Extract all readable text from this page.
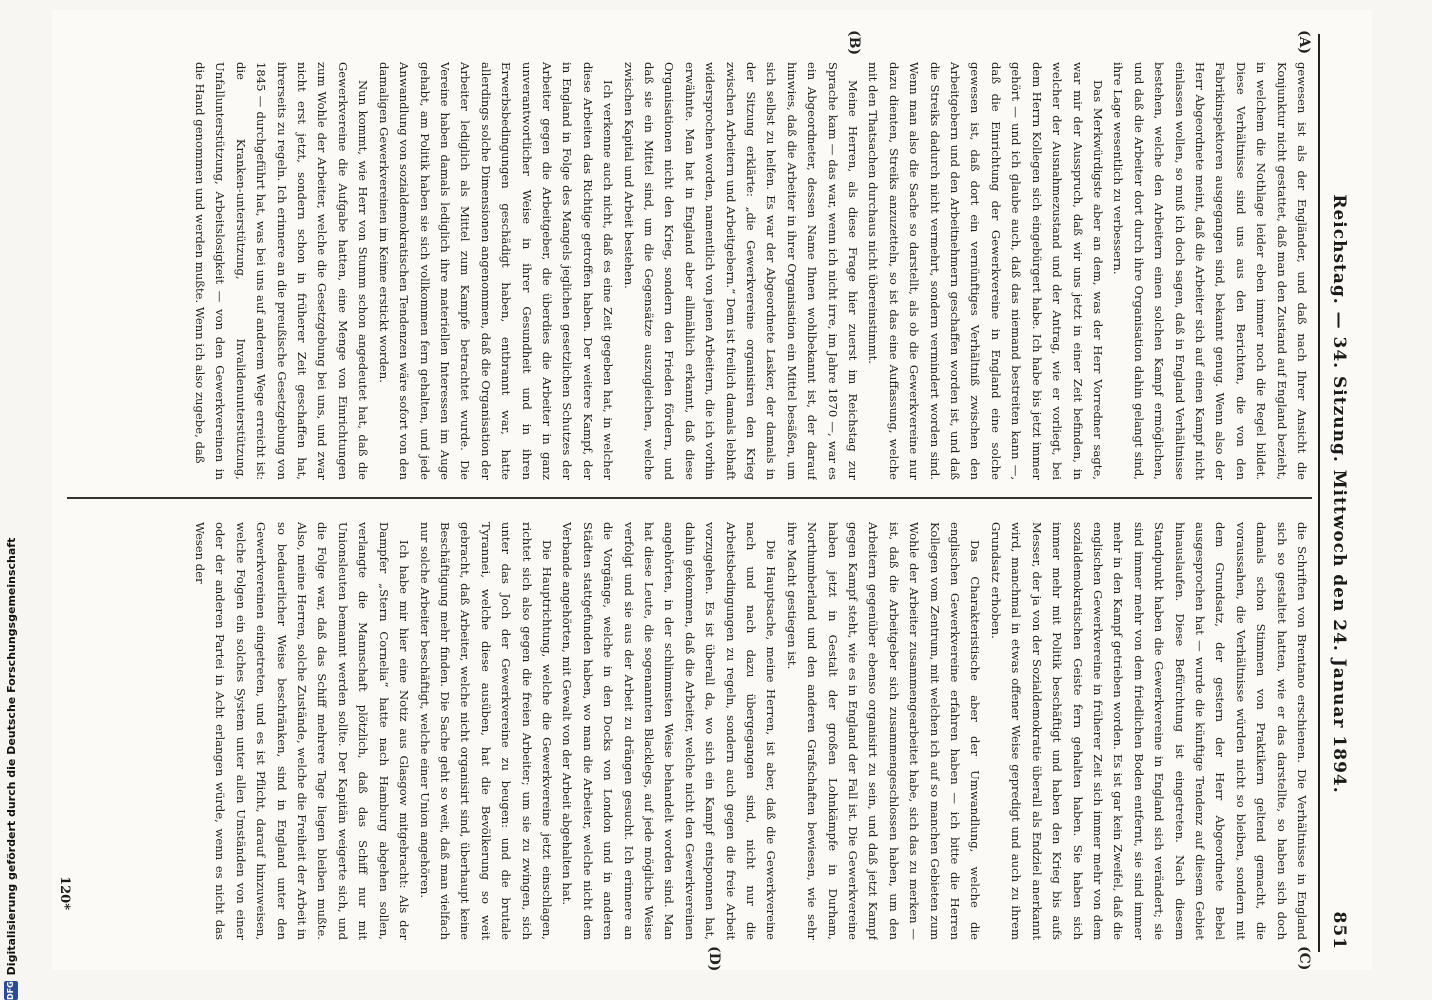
Reichstag. — 34. Sitzung. Mittwoch den 24. Januar 1894.
851
(A)
(B)
(C)
(D)

gewesen ist als der Engländer, und daß nach Ihrer Ansicht die Konjunktur nicht gestattet, daß man den Zustand auf England bezieht, in welchem die Nothlage leider eben immer noch die Regel bildet. Diese Verhältnisse sind uns aus den Berichten, die von den Fabrikinspektoren ausgegangen sind, bekannt genug. Wenn also der Herr Abgeordnete meint, daß die Arbeiter sich auf einen Kampf nicht einlassen wollen, so muß ich doch sagen, daß in England Verhältnisse bestehen, welche den Arbeitern einen solchen Kampf ermöglichen, und daß die Arbeiter dort durch ihre Organisation dahin gelangt sind, ihre Lage wesentlich zu verbessern.

Das Merkwürdigste aber an dem, was der Herr Vorredner sagte, war mir der Ausspruch, daß wir uns jetzt in einer Zeit befinden, in welcher der Ausnahmezustand und der Antrag, wie er vorliegt, bei dem Herrn Kollegen sich eingebürgert habe. Ich habe bis jetzt immer gehört — und ich glaube auch, daß das niemand bestreiten kann —, daß die Einrichtung der Gewerkvereine in England eine solche gewesen ist, daß dort ein vernünftiges Verhältniß zwischen den Arbeitgebern und den Arbeitnehmern geschaffen worden ist, und daß die Streiks dadurch nicht vermehrt, sondern vermindert worden sind. Wenn man also die Sache so darstellt, als ob die Gewerkvereine nur dazu dienten, Streiks anzuzetteln, so ist das eine Auffassung, welche mit den Thatsachen durchaus nicht übereinstimmt.

Meine Herren, als diese Frage hier zuerst im Reichstag zur Sprache kam — das war, wenn ich nicht irre, im Jahre 1870 —, war es ein Abgeordneter, dessen Name Ihnen wohlbekannt ist, der darauf hinwies, daß die Arbeiter in ihrer Organisation ein Mittel besäßen, um sich selbst zu helfen. Es war der Abgeordnete Lasker, der damals in der Sitzung erklärte: „die Gewerkvereine organisiren den Krieg zwischen Arbeitern und Arbeitgebern.“ Dem ist freilich damals lebhaft widersprochen worden, namentlich von jenen Arbeitern, die ich vorhin erwähnte. Man hat in England aber allmählich erkannt, daß diese Organisationen nicht den Krieg, sondern den Frieden fördern, und daß sie ein Mittel sind, um die Gegensätze auszugleichen, welche zwischen Kapital und Arbeit bestehen.

Ich verkenne auch nicht, daß es eine Zeit gegeben hat, in welcher diese Arbeiten das Richtige getroffen haben. Der weitere Kampf, der in England in Folge des Mangels jeglichen gesetzlichen Schutzes der Arbeiter gegen die Arbeitgeber, die überdies die Arbeiter in ganz unverantwortlicher Weise in ihrer Gesundheit und in ihren Erwerbsbedingungen geschädigt haben, entbrannt war, hatte allerdings solche Dimensionen angenommen, daß die Organisation der Arbeiter lediglich als Mittel zum Kampfe betrachtet wurde. Die Vereine haben damals lediglich ihre materiellen Interessen im Auge gehabt, am Politik haben sie sich vollkommen fern gehalten, und jede Anwandlung von sozialdemokratischen Tendenzen wäre sofort von den damaligen Gewerkvereinen im Keime erstickt worden.

Nun kommt, wie Herr von Stumm schon angedeutet hat, daß die Gewerkvereine die Aufgabe hatten, eine Menge von Einrichtungen zum Wohle der Arbeiter, welche die Gesetzgebung bei uns, und zwar nicht erst jetzt, sondern schon in früherer Zeit geschaffen hat, ihrerseits zu regeln. Ich erinnere an die preußische Gesetzgebung von 1845 — durchgeführt hat, was bei uns auf anderem Wege erreicht ist: die Kranken-unterstützung, Invalidenunterstützung, Unfallunterstützung, Arbeitslosigkeit — von den Gewerkvereinen in die Hand genommen und werden mußte. Wenn ich also zugebe, daß

die Schriften von Brentano erschienen. Die Verhältnisse in England sich so gestaltet hatten, wie er das darstellte, so haben sich doch damals schon Stimmen von Praktikern geltend gemacht, die voraussahen, die Verhältnisse würden nicht so bleiben, sondern mit dem Grundsatz, der gestern der Herr Abgeordnete Bebel ausgesprochen hat — wurde die künftige Tendenz auf diesem Gebiet hinauslaufen. Diese Befürchtung ist eingetreten. Nach diesem Standpunkt haben die Gewerkvereine in England sich verändert; sie sind immer mehr von dem friedlichen Boden entfernt, sie sind immer mehr in den Kampf getrieben worden. Es ist gar kein Zweifel, daß die englischen Gewerkvereine in früherer Zeit sich immer mehr von dem sozialdemokratischen Geiste fern gehalten haben. Sie haben sich immer mehr mit Politik beschäftigt und haben den Krieg bis aufs Messer, der ja von der Sozialdemokratie überall als Endziel anerkannt wird, manchmal in etwas offener Weise gepredigt und auch zu ihrem Grundsatz erhoben.

Das Charakteristische aber der Umwandlung, welche die englischen Gewerkvereine erfahren haben — ich bitte die Herren Kollegen vom Zentrum, mit welchen ich auf so manchen Gebieten zum Wohle der Arbeiter zusammengearbeitet habe, sich das zu merken — ist, daß die Arbeitgeber sich zusammengeschlossen haben, um den Arbeitern gegenüber ebenso organisirt zu sein, und daß jetzt Kampf gegen Kampf steht, wie es in England der Fall ist. Die Gewerkvereine haben jetzt in Gestalt der großen Lohnkämpfe in Durham, Northumberland und den anderen Grafschaften bewiesen, wie sehr ihre Macht gestiegen ist.

Die Hauptsache, meine Herren, ist aber, daß die Gewerkvereine nach und nach dazu übergegangen sind, nicht nur die Arbeitsbedingungen zu regeln, sondern auch gegen die freie Arbeit vorzugehen. Es ist überall da, wo sich ein Kampf entsponnen hat, dahin gekommen, daß die Arbeiter, welche nicht den Gewerkvereinen angehörten, in der schlimmsten Weise behandelt worden sind. Man hat diese Leute, die sogenannten Blacklegs, auf jede mögliche Weise verfolgt und sie aus der Arbeit zu drängen gesucht. Ich erinnere an die Vorgänge, welche in den Docks von London und in anderen Städten stattgefunden haben, wo man die Arbeiter, welche nicht dem Verbande angehörten, mit Gewalt von der Arbeit abgehalten hat.

Die Hauptrichtung, welche die Gewerkvereine jetzt einschlagen, richtet sich also gegen die freien Arbeiter; um sie zu zwingen, sich unter das Joch der Gewerkvereine zu beugen: und die brutale Tyrannei, welche diese ausüben, hat die Bevölkerung so weit gebracht, daß Arbeiter, welche nicht organisirt sind, überhaupt keine Beschäftigung mehr finden. Die Sache geht so weit, daß man vielfach nur solche Arbeiter beschäftigt, welche einer Union angehören.

Ich habe mir hier eine Notiz aus Glasgow mitgebracht: Als der Dampfer „Stern Cornelia“ hatte nach Hamburg abgehen sollen, verlangte die Mannschaft plötzlich, daß das Schiff nur mit Unionsleuten bemannt werden sollte. Der Kapitän weigerte sich, und die Folge war, daß das Schiff mehrere Tage liegen bleiben mußte. Also, meine Herren, solche Zustände, welche die Freiheit der Arbeit in so bedauerlicher Weise beschränken, sind in England unter den Gewerkvereinen eingetreten, und es ist Pflicht, darauf hinzuweisen, welche Folgen ein solches System unter allen Umständen von einer oder der anderen Partei in Acht erlangen würde, wenn es nicht das Wesen der

120*
DFG
Digitalisierung gefördert durch die Deutsche Forschungsgemeinschaft
